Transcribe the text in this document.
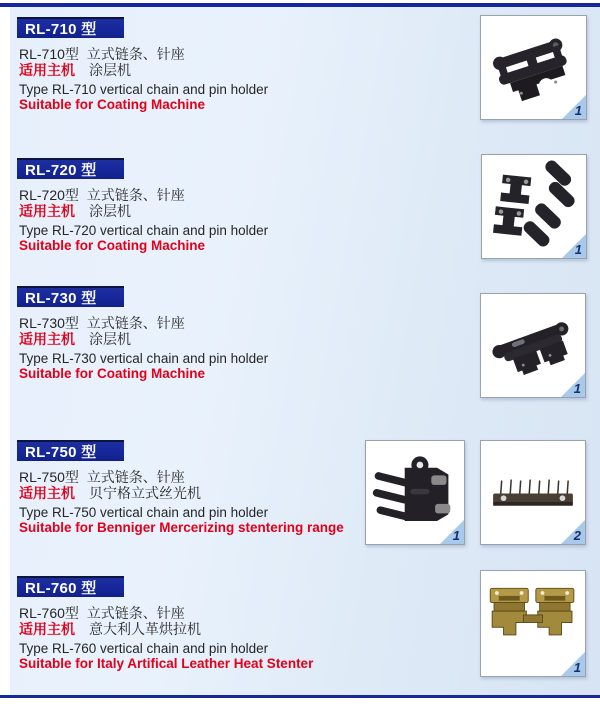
RL-710 型
RL-710型  立式链条、针座
适用主机 涂层机
Type RL-710 vertical chain and pin holder
Suitable for Coating Machine	1
RL-720 型
RL-720型  立式链条、针座
适用主机 涂层机
Type RL-720 vertical chain and pin holder
Suitable for Coating Machine	1
RL-730 型
RL-730型  立式链条、针座
适用主机 涂层机
Type RL-730 vertical chain and pin holder
Suitable for Coating Machine
1
RL-750 型
RL-750型  立式链条、针座
适用主机 贝宁格立式丝光机
Type RL-750 vertical chain and pin holder
Suitable for Benniger Mercerizing stentering range
1	2
RL-760 型
RL-760型  立式链条、针座
适用主机 意大利人革烘拉机
Type RL-760 vertical chain and pin holder
Suitable for Italy Artifical Leather Heat Stenter	1
